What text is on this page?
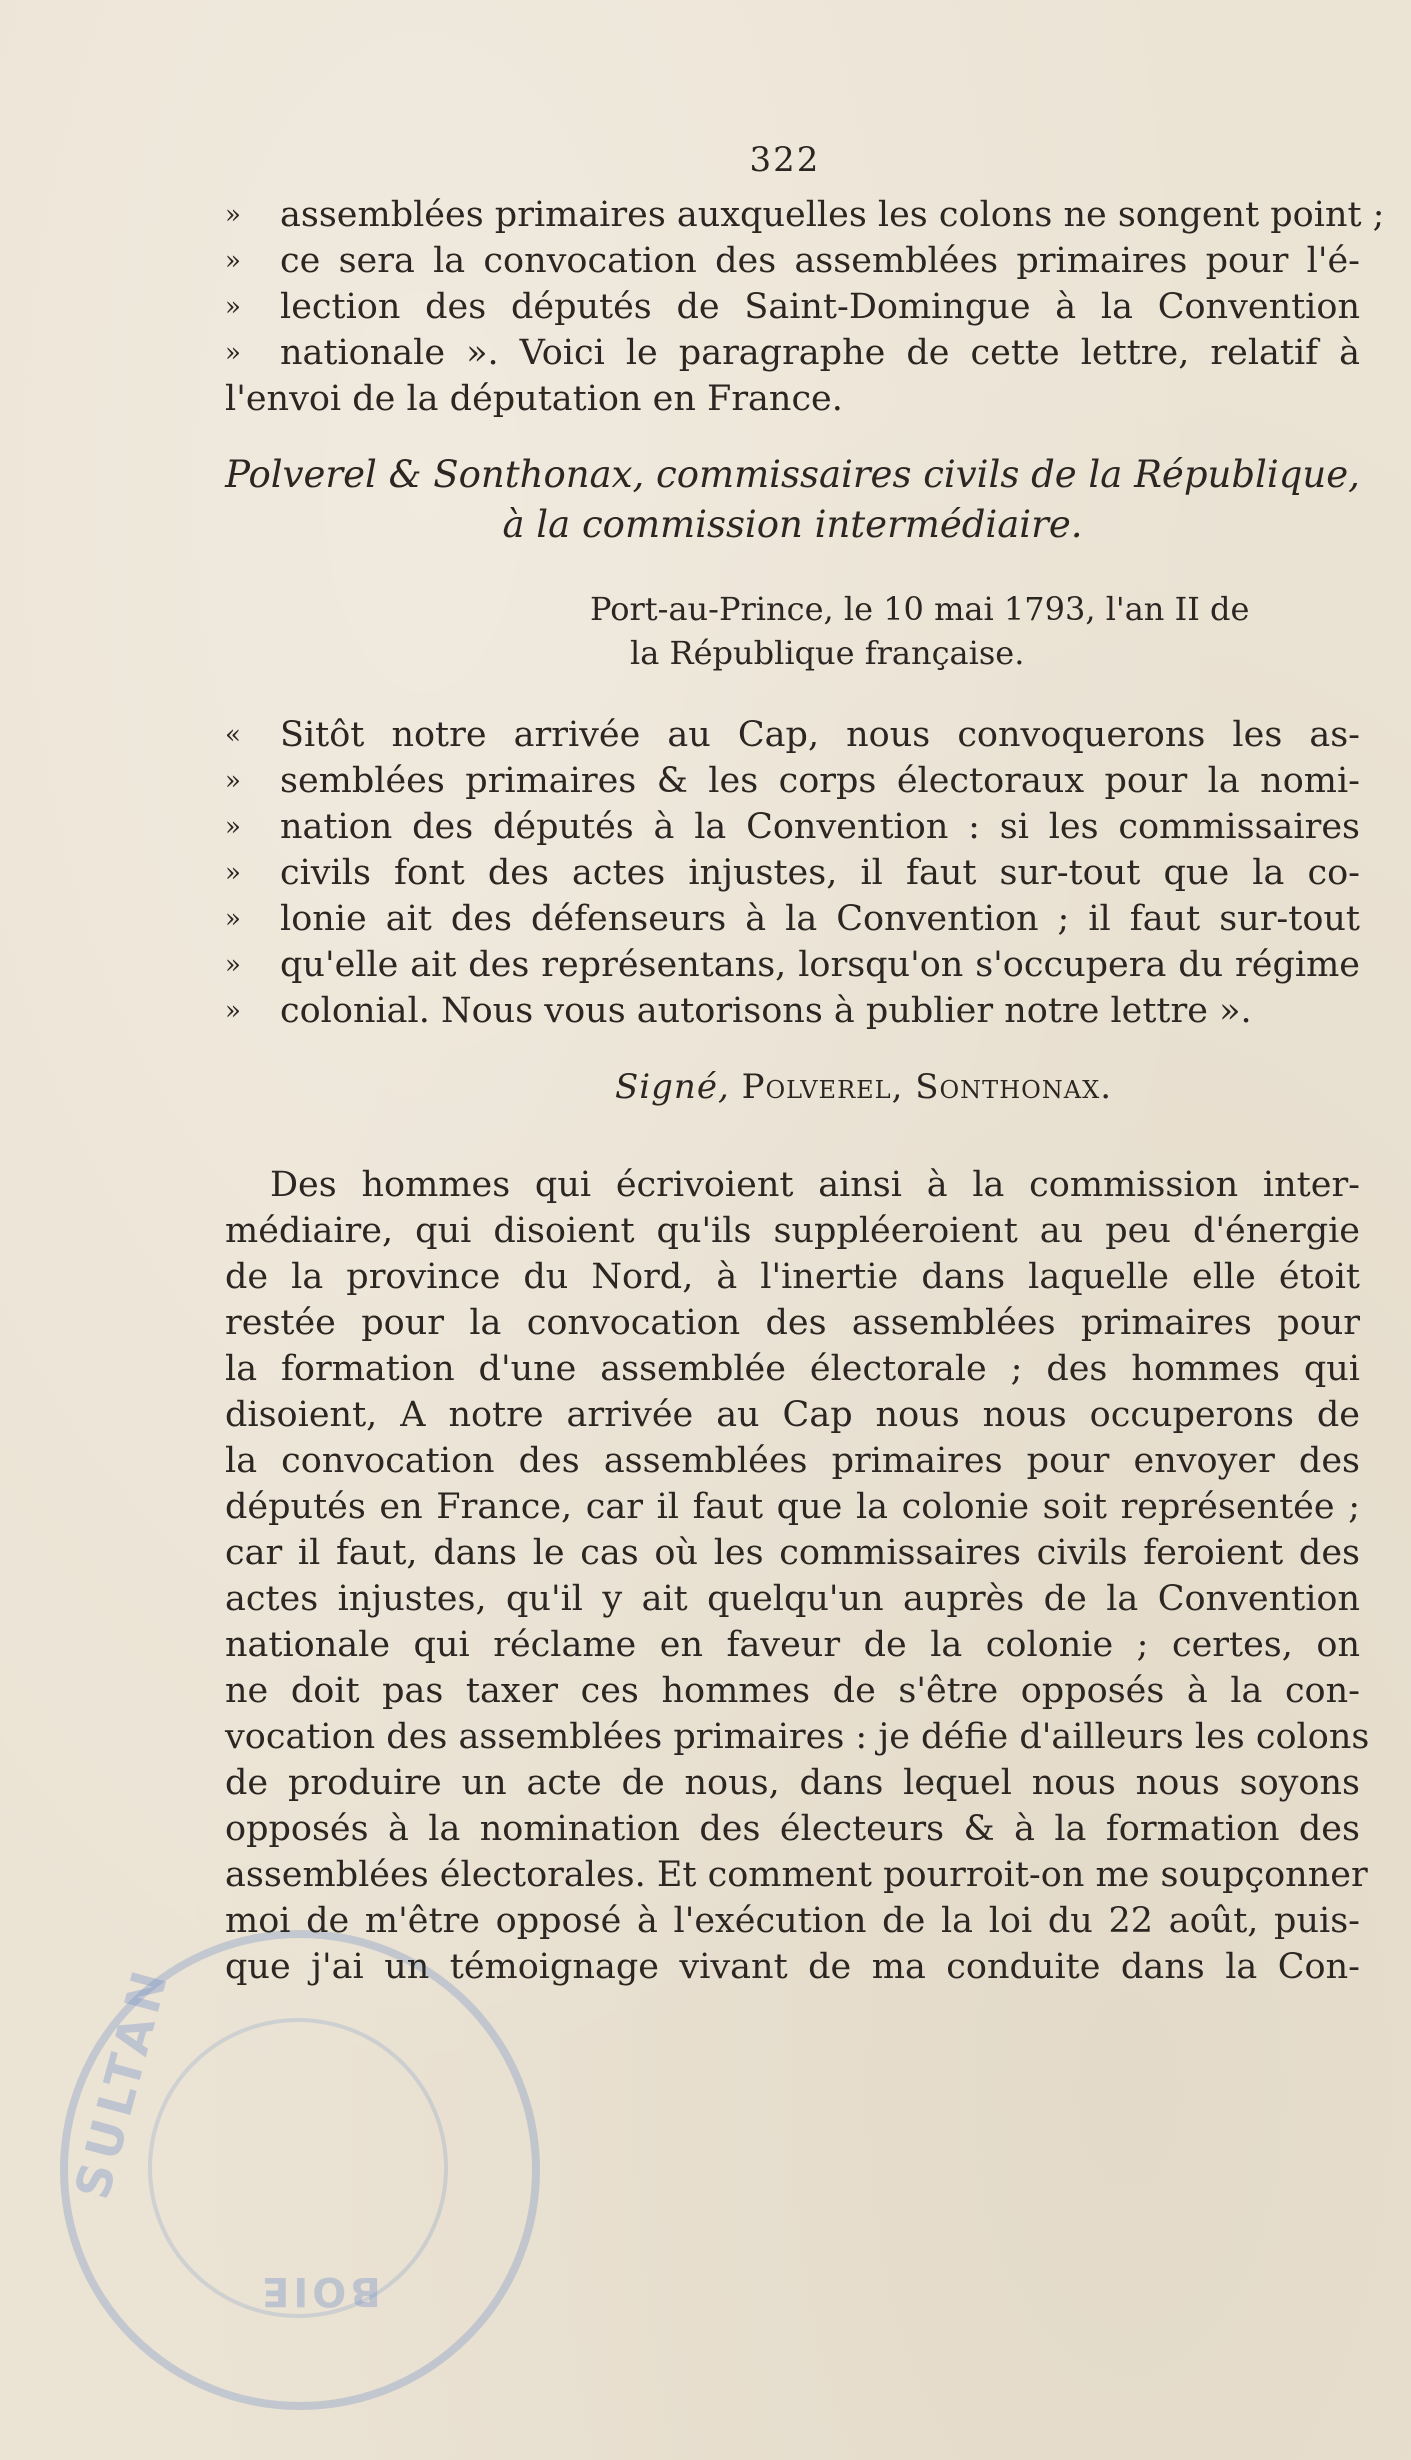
SULTAN
BOIE
322
» assemblées primaires auxquelles les colons ne songent point ;
» ce sera la convocation des assemblées primaires pour l'é-
» lection des députés de Saint-Domingue à la Convention
» nationale ». Voici le paragraphe de cette lettre, relatif à
l'envoi de la députation en France.
Polverel & Sonthonax, commissaires civils de la République,
à la commission intermédiaire.
Port-au-Prince, le 10 mai 1793, l'an II de
la République française.
« Sitôt notre arrivée au Cap, nous convoquerons les as-
» semblées primaires & les corps électoraux pour la nomi-
» nation des députés à la Convention : si les commissaires
» civils font des actes injustes, il faut sur-tout que la co-
» lonie ait des défenseurs à la Convention ; il faut sur-tout
» qu'elle ait des représentans, lorsqu'on s'occupera du régime
» colonial. Nous vous autorisons à publier notre lettre ».
Signé, Polverel, Sonthonax.
Des hommes qui écrivoient ainsi à la commission inter-
médiaire, qui disoient qu'ils suppléeroient au peu d'énergie
de la province du Nord, à l'inertie dans laquelle elle étoit
restée pour la convocation des assemblées primaires pour
la formation d'une assemblée électorale ; des hommes qui
disoient, A notre arrivée au Cap nous nous occuperons de
la convocation des assemblées primaires pour envoyer des
députés en France, car il faut que la colonie soit représentée ;
car il faut, dans le cas où les commissaires civils feroient des
actes injustes, qu'il y ait quelqu'un auprès de la Convention
nationale qui réclame en faveur de la colonie ; certes, on
ne doit pas taxer ces hommes de s'être opposés à la con-
vocation des assemblées primaires : je défie d'ailleurs les colons
de produire un acte de nous, dans lequel nous nous soyons
opposés à la nomination des électeurs & à la formation des
assemblées électorales. Et comment pourroit-on me soupçonner
moi de m'être opposé à l'exécution de la loi du 22 août, puis-
que j'ai un témoignage vivant de ma conduite dans la Con-
